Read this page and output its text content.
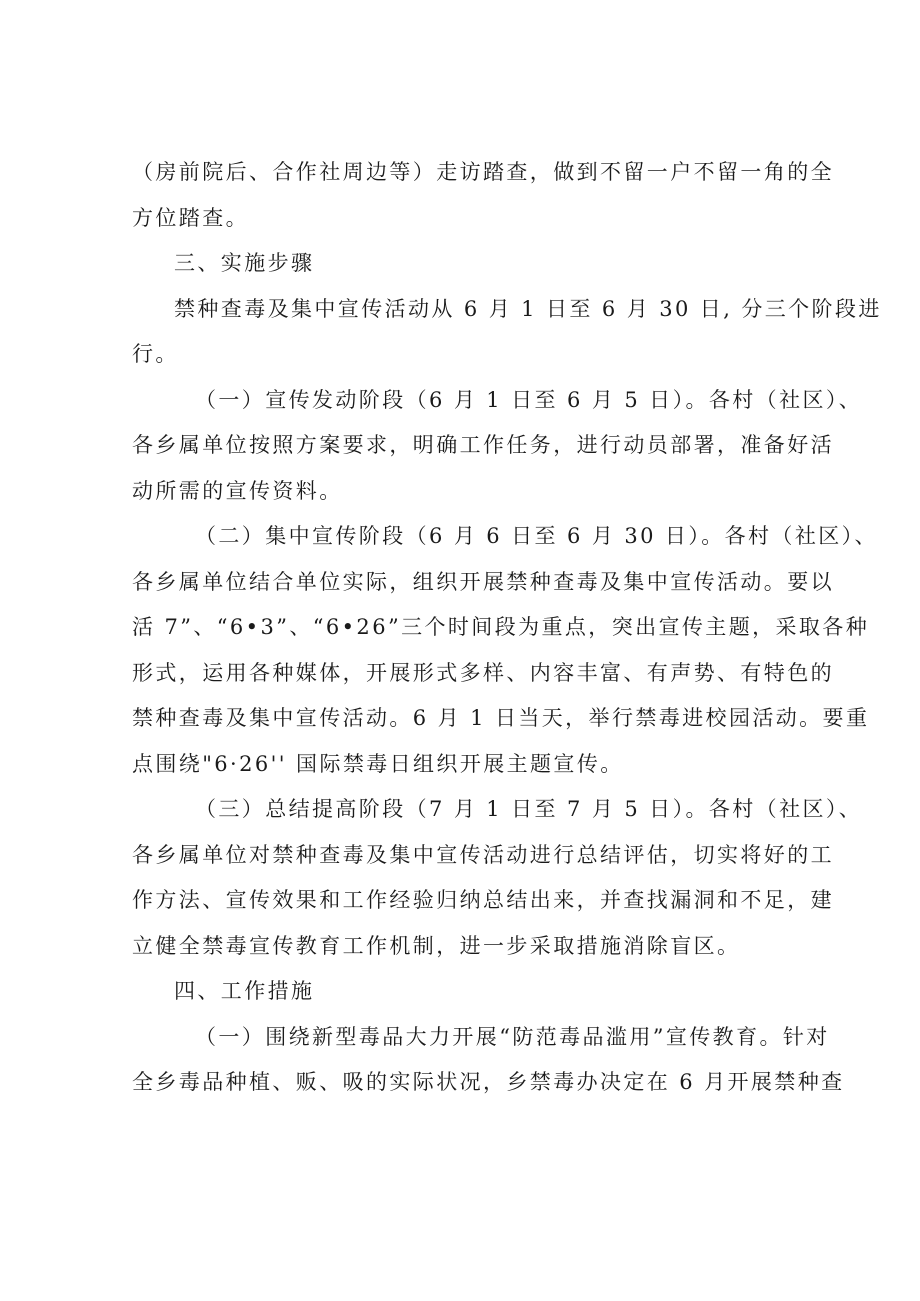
（房前院后、合作社周边等）走访踏查，做到不留一户不留一角的全
方位踏查。
三、实施步骤
禁种查毒及集中宣传活动从 6 月 1 日至 6 月 30 日, 分三个阶段进
行。
（一）宣传发动阶段（6 月 1 日至 6 月 5 日）。各村（社区）、
各乡属单位按照方案要求，明确工作任务，进行动员部署，准备好活
动所需的宣传资料。
（二）集中宣传阶段（6 月 6 日至 6 月 30 日）。各村（社区）、
各乡属单位结合单位实际，组织开展禁种查毒及集中宣传活动。要以
活 7”、“6•3”、“6•26”三个时间段为重点，突出宣传主题，采取各种
形式，运用各种媒体，开展形式多样、内容丰富、有声势、有特色的
禁种查毒及集中宣传活动。6 月 1 日当天，举行禁毒进校园活动。要重
点围绕"6·26'' 国际禁毒日组织开展主题宣传。
（三）总结提高阶段（7 月 1 日至 7 月 5 日）。各村（社区）、
各乡属单位对禁种查毒及集中宣传活动进行总结评估，切实将好的工
作方法、宣传效果和工作经验归纳总结出来，并查找漏洞和不足，建
立健全禁毒宣传教育工作机制，进一步采取措施消除盲区。
四、工作措施
（一）围绕新型毒品大力开展“防范毒品滥用”宣传教育。针对
全乡毒品种植、贩、吸的实际状况，乡禁毒办决定在 6 月开展禁种查
